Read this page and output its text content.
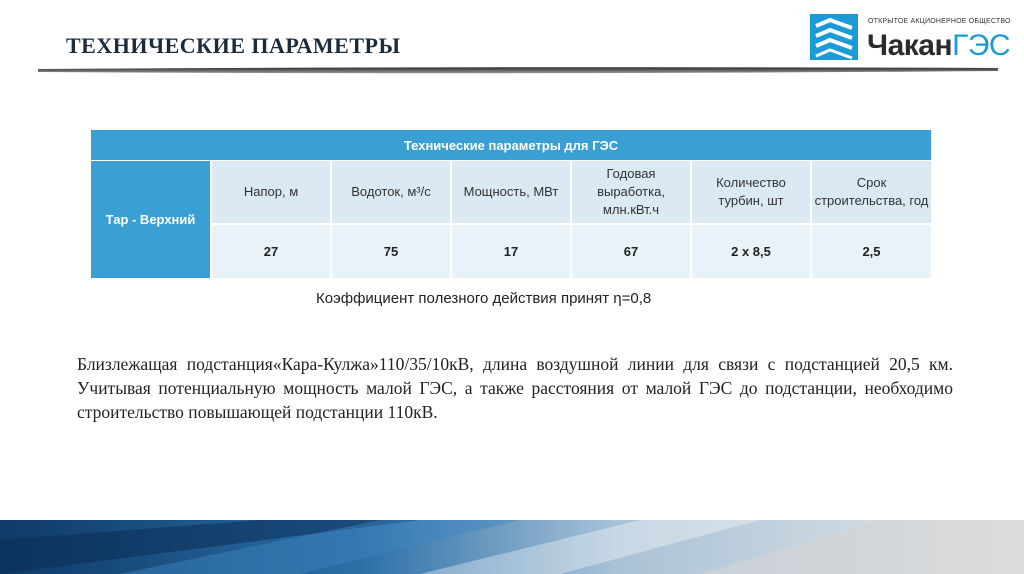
ТЕХНИЧЕСКИЕ ПАРАМЕТРЫ
ОТКРЫТОЕ АКЦИОНЕРНОЕ ОБЩЕСТВО
ЧаканГЭС
Технические параметры для ГЭС						
Тар - Верхний	Напор, м	Водоток, м³/с	Мощность, МВт	Годовая выработка, млн.кВт.ч	Количество турбин, шт	Срок строительства, год
	27	75	17	67	2 х 8,5	2,5
Коэффициент полезного действия принят η=0,8
Близлежащая подстанция«Кара-Кулжа»110/35/10кВ, длина воздушной линии для связи с подстанцией 20,5 км. Учитывая потенциальную мощность малой ГЭС, а также расстояния от малой ГЭС до подстанции, необходимо строительство повышающей подстанции 110кВ.
